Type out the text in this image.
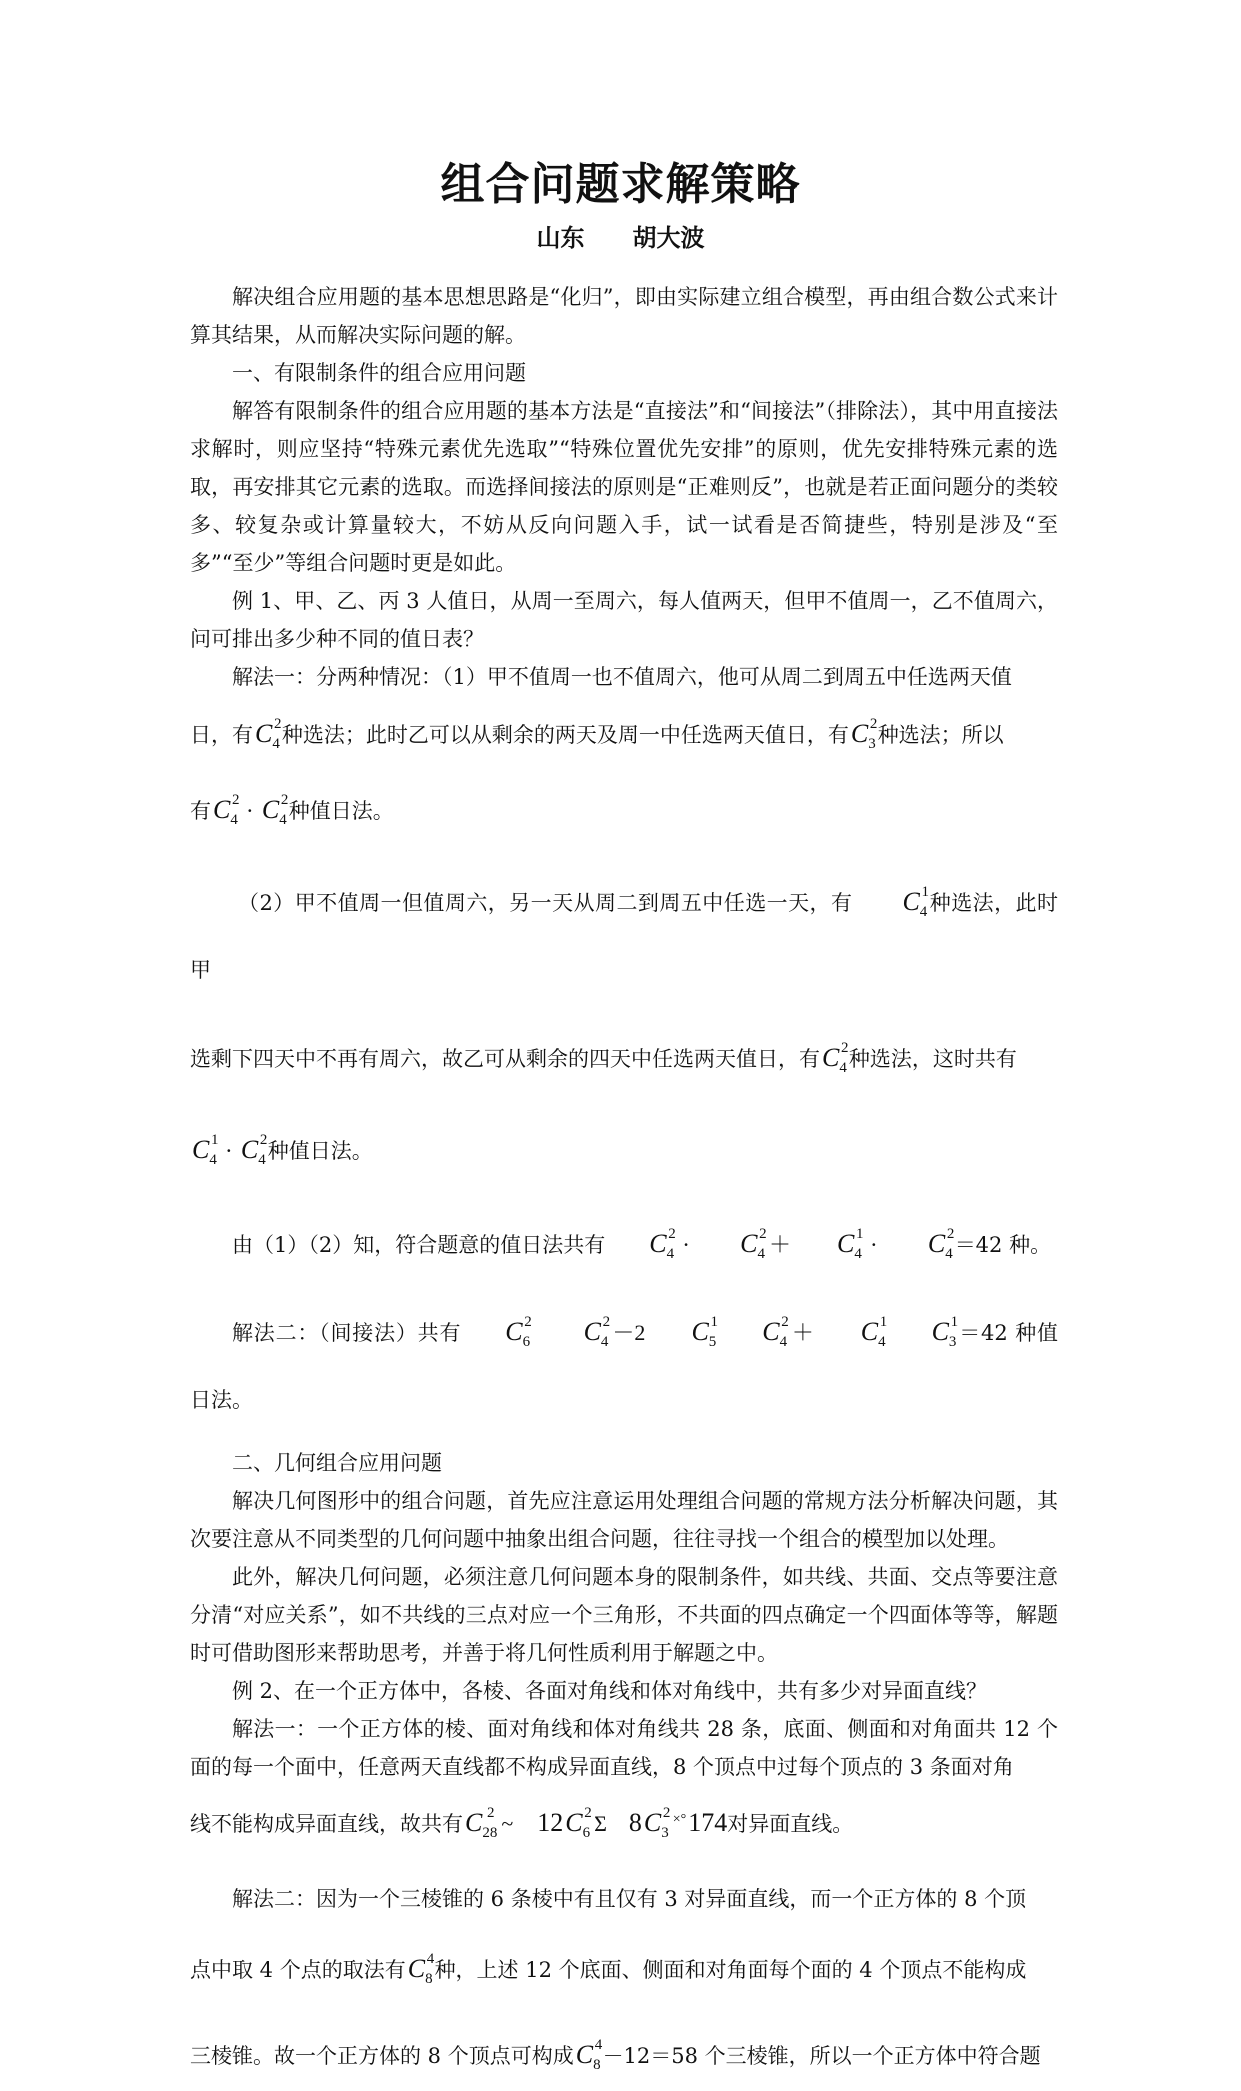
组合问题求解策略
山东 胡大波

解决组合应用题的基本思想思路是“化归”，即由实际建立组合模型，再由组合数公式来计算其结果，从而解决实际问题的解。

一、有限制条件的组合应用问题

解答有限制条件的组合应用题的基本方法是“直接法”和“间接法”（排除法），其中用直接法求解时，则应坚持“特殊元素优先选取”“特殊位置优先安排”的原则，优先安排特殊元素的选取，再安排其它元素的选取。而选择间接法的原则是“正难则反”，也就是若正面问题分的类较多、较复杂或计算量较大，不妨从反向问题入手，试一试看是否简捷些，特别是涉及“至多”“至少”等组合问题时更是如此。

例 1、甲、乙、丙 3 人值日，从周一至周六，每人值两天，但甲不值周一，乙不值周六，问可排出多少种不同的值日表？

解法一：分两种情况：（1）甲不值周一也不值周六，他可从周二到周五中任选两天值

日，有$C_4$
2 种选法；此时乙可以从剩余的两天及周一中任选两天值日，有$C_3$
2 种选法；所以

有$C_4$
$2 \cdot C_4$
2 种值日法。

（2）甲不值周一但值周六，另一天从周二到周五中任选一天，有 $C_4$
1 种选法，此时甲

选剩下四天中不再有周六，故乙可从剩余的四天中任选两天值日，有$C_4$
2 种选法，这时共有

$C_4$
$1 \cdot C_4$
2 种值日法。

由（1）（2）知，符合题意的值日法共有 $C_4$
$2 \cdot C_4$
$2 + C_4$
$1 \cdot C_4$
2 ＝42 种。

解法二：（间接法）共有 $C_6$
2 $C_4$
2 －2 $C_5$
1 $C_4$
$2 + C_4$
1 $C_3$
1 ＝42 种值日法。

二、几何组合应用问题

解决几何图形中的组合问题，首先应注意运用处理组合问题的常规方法分析解决问题，其次要注意从不同类型的几何问题中抽象出组合问题，往往寻找一个组合的模型加以处理。

此外，解决几何问题，必须注意几何问题本身的限制条件，如共线、共面、交点等要注意分清“对应关系”，如不共线的三点对应一个三角形，不共面的四点确定一个四面体等等，解题时可借助图形来帮助思考，并善于将几何性质利用于解题之中。

例 2、在一个正方体中，各棱、各面对角线和体对角线中，共有多少对异面直线？

解法一：一个正方体的棱、面对角线和体对角线共 28 条，底面、侧面和对角面共 12 个面的每一个面中，任意两天直线都不构成异面直线，8 个顶点中过每个顶点的 3 条面对角

线不能构成异面直线，故共有$C_{28}$
2 ~ $12C_6$
2 Σ $8C_3$
2 ×°174对异面直线。

解法二：因为一个三棱锥的 6 条棱中有且仅有 3 对异面直线，而一个正方体的 8 个顶

点中取 4 个点的取法有$C_8$
4 种，上述 12 个底面、侧面和对角面每个面的 4 个顶点不能构成

三棱锥。故一个正方体的 8 个顶点可构成$C_8$
4 －12＝58 个三棱锥，所以一个正方体中符合题
